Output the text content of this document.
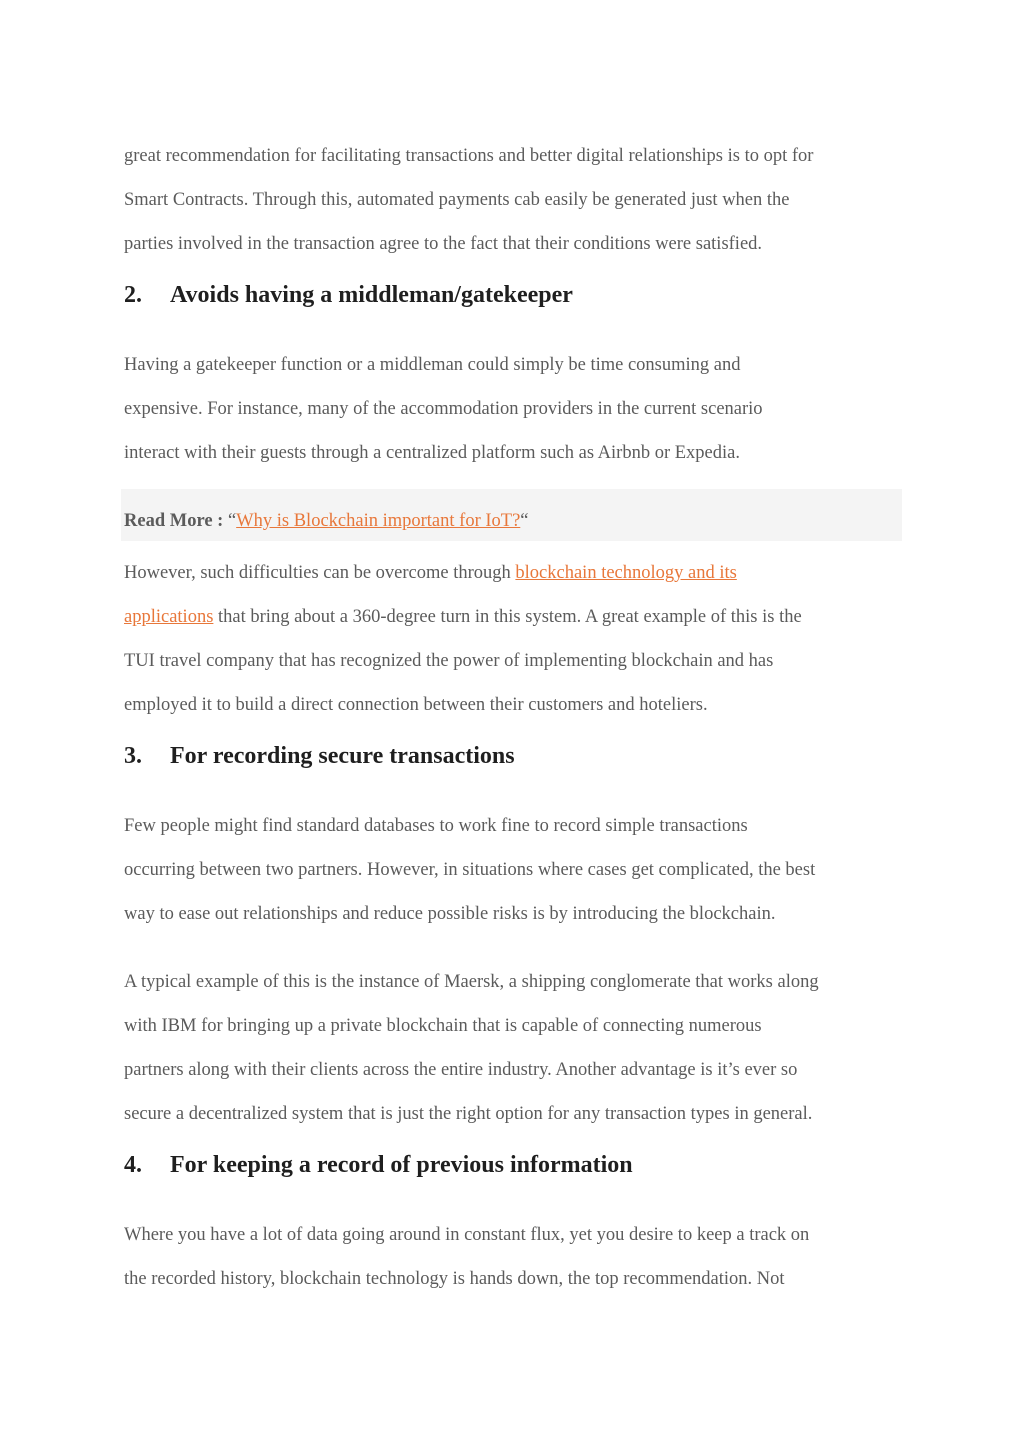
great recommendation for facilitating transactions and better digital relationships is to opt for
Smart Contracts. Through this, automated payments cab easily be generated just when the
parties involved in the transaction agree to the fact that their conditions were satisfied.
2. Avoids having a middleman/gatekeeper
Having a gatekeeper function or a middleman could simply be time consuming and
expensive. For instance, many of the accommodation providers in the current scenario
interact with their guests through a centralized platform such as Airbnb or Expedia.
Read More : “Why is Blockchain important for IoT?“
However, such difficulties can be overcome through blockchain technology and its
applications that bring about a 360-degree turn in this system. A great example of this is the
TUI travel company that has recognized the power of implementing blockchain and has
employed it to build a direct connection between their customers and hoteliers.
3. For recording secure transactions
Few people might find standard databases to work fine to record simple transactions
occurring between two partners. However, in situations where cases get complicated, the best
way to ease out relationships and reduce possible risks is by introducing the blockchain.
A typical example of this is the instance of Maersk, a shipping conglomerate that works along
with IBM for bringing up a private blockchain that is capable of connecting numerous
partners along with their clients across the entire industry. Another advantage is it’s ever so
secure a decentralized system that is just the right option for any transaction types in general.
4. For keeping a record of previous information
Where you have a lot of data going around in constant flux, yet you desire to keep a track on
the recorded history, blockchain technology is hands down, the top recommendation. Not
